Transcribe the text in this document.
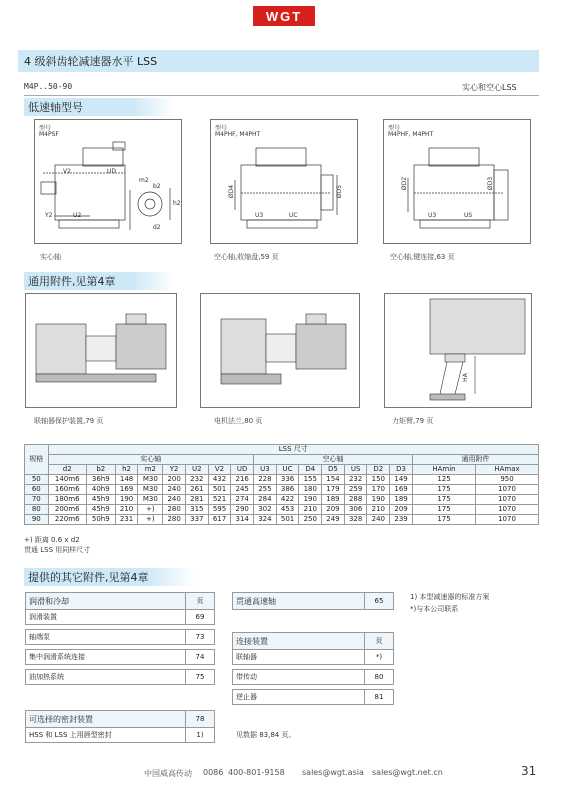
WGT
4 级斜齿轮减速器水平 LSS
M4P..50-90	实心和空心LSS
低速轴型号
型号
M4PSF
V2	UD
m2
b2
Y2	U2
h2
d2
实心轴
型号
M4PHF, M4PHT
ØD4	ØD5
U3	UC
空心轴,收缩盘,59 页
型号
M4PHF, M4PHT
ØD2	ØD3
U3	US
空心轴,键连接,63 页
通用附件,见第4章
联轴器保护装置,79 页	电机法兰,80 页
HA
力矩臂,79 页
规格	LSS 尺寸																
	实心轴								空心轴							通用附件	
	d2	b2	h2	m2	Y2	U2	V2	UD	U3	UC	D4	D5	US	D2	D3	HAmin	HAmax
50	140m6	36h9	148	M30	200	232	432	216	228	336	155	154	232	150	149	125	950
60	160m6	40h9	169	M30	240	261	501	245	255	386	180	179	259	170	169	175	1070
70	180m6	45h9	190	M30	240	281	521	274	284	422	190	189	288	190	189	175	1070
80	200m6	45h9	210	+)	280	315	595	290	302	453	210	209	306	210	209	175	1070
90	220m6	50h9	231	+)	280	337	617	314	324	501	250	249	328	240	239	175	1070
+) 距离 0.6 x d2
贯通 LSS 用同样尺寸
提供的其它附件,见第4章
润滑和冷却	页
润滑装置	69

轴端泵	73

集中润滑系统连接	74

油加热系统	75
可选择的密封装置	78
HSS 和 LSS 上用唇型密封	1)
贯通高速轴	65
连接装置	页
联轴器	*)

带传动	80

逆止器	81
见数据 83,84 页。
1) 本型减速器的标准方案
*)与本公司联系
中国威高传动 0086 400-801-9158 sales@wgt.asia sales@wgt.net.cn	31
